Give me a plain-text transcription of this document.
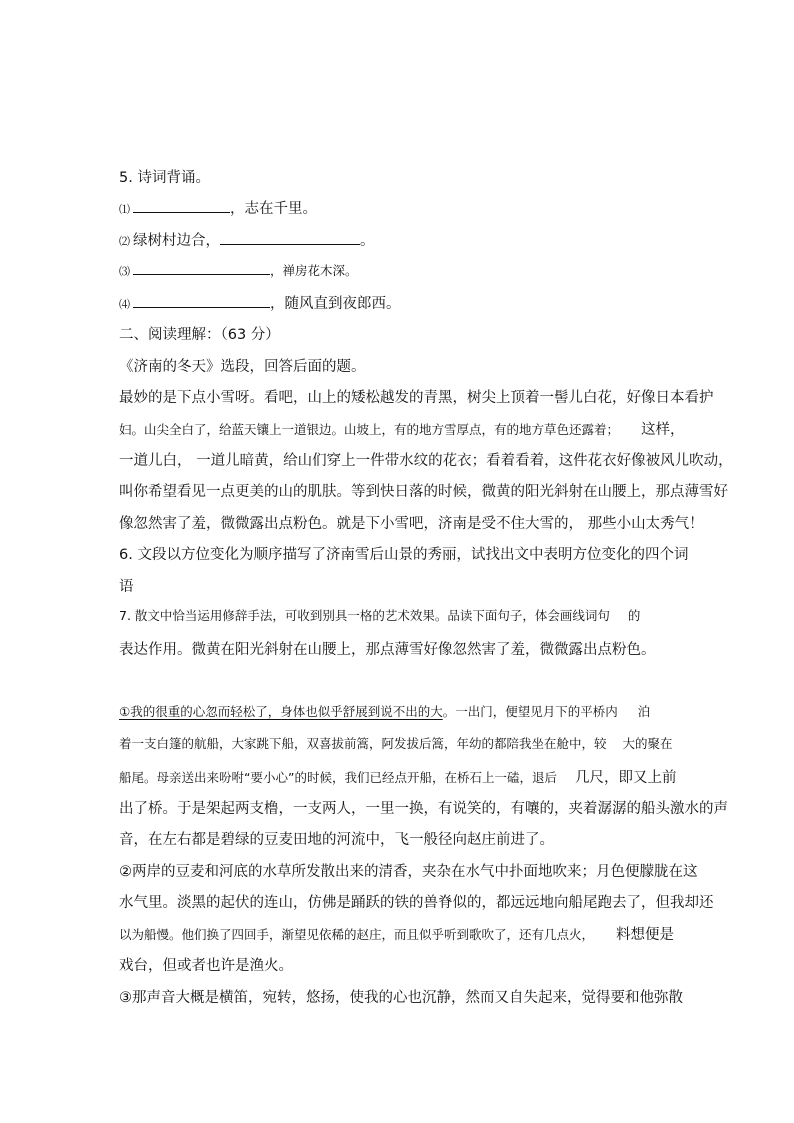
5. 诗词背诵。
⑴	，志在千里。
⑵ 绿树村边合，	。
⑶	，禅房花木深。
⑷	，随风直到夜郎西。
二、阅读理解：（63 分）
《济南的冬天》选段，回答后面的题。
最妙的是下点小雪呀。看吧，山上的矮松越发的青黑，树尖上顶着一髻儿白花，好像日本看护
妇。山尖全白了，给蓝天镶上一道银边。山坡上，有的地方雪厚点，有的地方草色还露着； 这样，
一道儿白， 一道儿暗黄，给山们穿上一件带水纹的花衣；看着看着，这件花衣好像被风儿吹动，
叫你希望看见一点更美的山的肌肤。等到快日落的时候，微黄的阳光斜射在山腰上，那点薄雪好
像忽然害了羞，微微露出点粉色。就是下小雪吧，济南是受不住大雪的， 那些小山太秀气！
6. 文段以方位变化为顺序描写了济南雪后山景的秀丽，试找出文中表明方位变化的四个词
语
7. 散文中恰当运用修辞手法，可收到别具一格的艺术效果。品读下面句子，体会画线词句 的
表达作用。微黄在阳光斜射在山腰上，那点薄雪好像忽然害了羞，微微露出点粉色。
①我的很重的心忽而轻松了，身体也似乎舒展到说不出的大。一出门，便望见月下的平桥内 泊
着一支白篷的航船，大家跳下船，双喜拔前篙，阿发拔后篙，年幼的都陪我坐在舱中，较 大的聚在
船尾。母亲送出来吩咐“要小心”的时候，我们已经点开船，在桥石上一磕，退后 几尺，即又上前
出了桥。于是架起两支橹，一支两人，一里一换，有说笑的，有嚷的，夹着潺潺的船头激水的声
音，在左右都是碧绿的豆麦田地的河流中，飞一般径向赵庄前进了。
②两岸的豆麦和河底的水草所发散出来的清香，夹杂在水气中扑面地吹来；月色便朦胧在这
水气里。淡黑的起伏的连山，仿佛是踊跃的铁的兽脊似的，都远远地向船尾跑去了，但我却还
以为船慢。他们换了四回手，渐望见依稀的赵庄，而且似乎听到歌吹了，还有几点火， 料想便是
戏台，但或者也许是渔火。
③那声音大概是横笛，宛转，悠扬，使我的心也沉静，然而又自失起来，觉得要和他弥散
